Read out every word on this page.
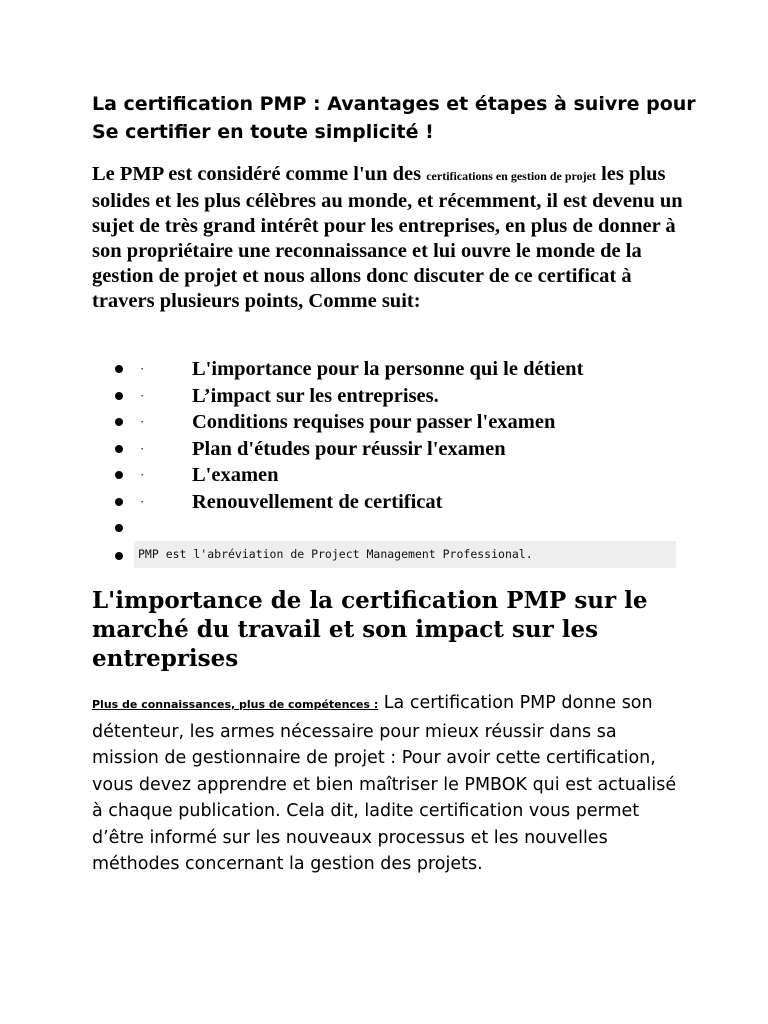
La certification PMP : Avantages et étapes à suivre pour Se certifier en toute simplicité !

Le PMP est considéré comme l'un des certifications en gestion de projet les plus solides et les plus célèbres au monde, et récemment, il est devenu un sujet de très grand intérêt pour les entreprises, en plus de donner à son propriétaire une reconnaissance et lui ouvre le monde de la gestion de projet et nous allons donc discuter de ce certificat à travers plusieurs points, Comme suit:

· L'importance pour la personne qui le détient
· L’impact sur les entreprises.
· Conditions requises pour passer l'examen
· Plan d'études pour réussir l'examen
· L'examen
· Renouvellement de certificat
PMP est l'abréviation de Project Management Professional.
L'importance de la certification PMP sur le marché du travail et son impact sur les entreprises

Plus de connaissances, plus de compétences : La certification PMP donne son détenteur, les armes nécessaire pour mieux réussir dans sa mission de gestionnaire de projet : Pour avoir cette certification, vous devez apprendre et bien maîtriser le PMBOK qui est actualisé à chaque publication. Cela dit, ladite certification vous permet d’être informé sur les nouveaux processus et les nouvelles méthodes concernant la gestion des projets.
